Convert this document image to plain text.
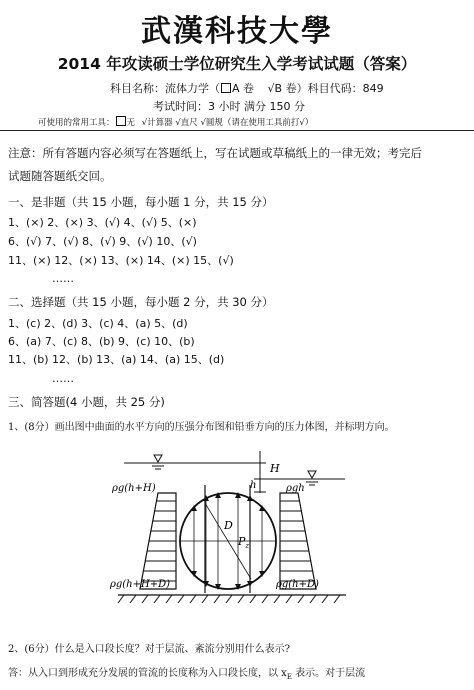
武漢科技大學
2014 年攻读硕士学位研究生入学考试试题（答案）
科目名称：流体力学（ A 卷 √B 卷）科目代码：849
考试时间：3 小时 满分 150 分
可使用的常用工具： 无 √计算器 √直尺 √圆规（请在使用工具前打√）
注意：所有答题内容必须写在答题纸上，写在试题或草稿纸上的一律无效；考完后
试题随答题纸交回。
一、是非题（共 15 小题，每小题 1 分，共 15 分）
1、(×) 2、(×) 3、(√) 4、(√) 5、(×)
6、(√) 7、(√) 8、(√) 9、(√) 10、(√)
11、(×) 12、(×) 13、(×) 14、(×) 15、(√)
……
二、选择题（共 15 小题，每小题 2 分，共 30 分）
1、(c) 2、(d) 3、(c) 4、(a) 5、(d)
6、(a) 7、(c) 8、(b) 9、(c) 10、(b)
11、(b) 12、(b) 13、(a) 14、(a) 15、(d)
……
三、简答题(4 小题，共 25 分)
1、(8分）画出图中曲面的水平方向的压强分布图和铅垂方向的压力体图，并标明方向。
H
h
D
$P_z$
ρg(h+H)	ρgh
ρg(h+H+D)	ρg(h+D)
2、(6分）什么是入口段长度？对于层流、紊流分别用什么表示?
答：从入口到形成充分发展的管流的长度称为入口段长度，以 $x_E$ 表示。对于层流
